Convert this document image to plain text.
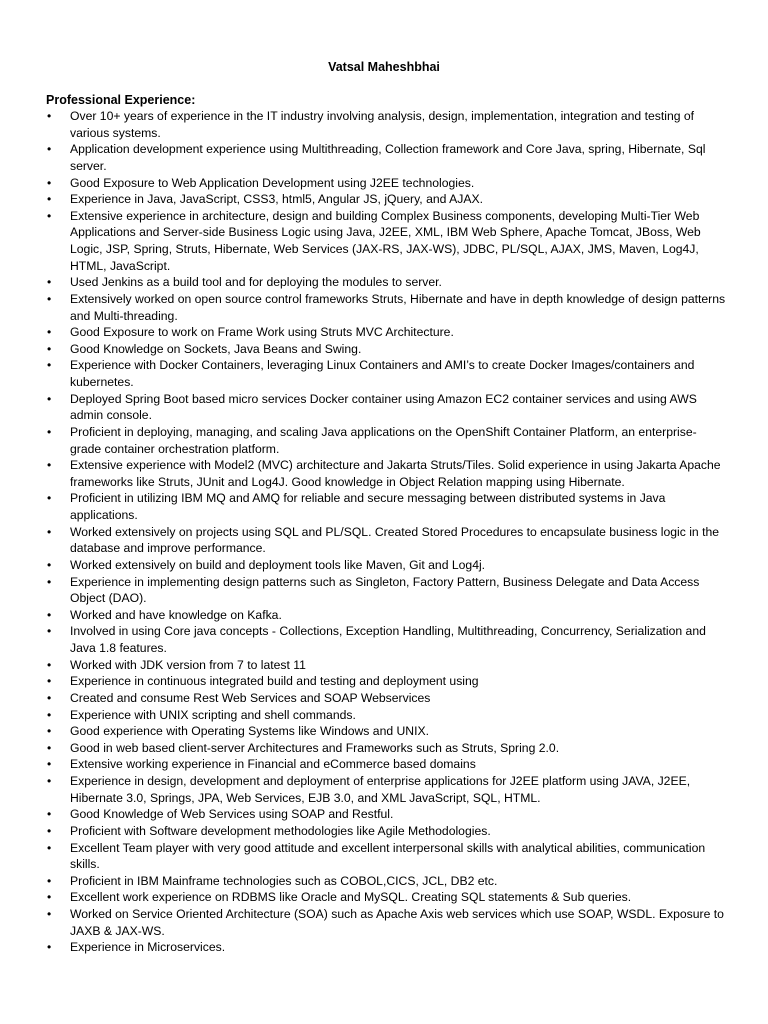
Vatsal Maheshbhai
Professional Experience:
• Over 10+ years of experience in the IT industry involving analysis, design, implementation, integration and testing of various systems.
• Application development experience using Multithreading, Collection framework and Core Java, spring, Hibernate, Sql server.
• Good Exposure to Web Application Development using J2EE technologies.
• Experience in Java, JavaScript, CSS3, html5, Angular JS, jQuery, and AJAX.
• Extensive experience in architecture, design and building Complex Business components, developing Multi-Tier Web Applications and Server-side Business Logic using Java, J2EE, XML, IBM Web Sphere, Apache Tomcat, JBoss, Web Logic, JSP, Spring, Struts, Hibernate, Web Services (JAX-RS, JAX-WS), JDBC, PL/SQL, AJAX, JMS, Maven, Log4J, HTML, JavaScript.
• Used Jenkins as a build tool and for deploying the modules to server.
• Extensively worked on open source control frameworks Struts, Hibernate and have in depth knowledge of design patterns and Multi-threading.
• Good Exposure to work on Frame Work using Struts MVC Architecture.
• Good Knowledge on Sockets, Java Beans and Swing.
• Experience with Docker Containers, leveraging Linux Containers and AMI’s to create Docker Images/containers and kubernetes.
• Deployed Spring Boot based micro services Docker container using Amazon EC2 container services and using AWS admin console.
• Proficient in deploying, managing, and scaling Java applications on the OpenShift Container Platform, an enterprise-grade container orchestration platform.
• Extensive experience with Model2 (MVC) architecture and Jakarta Struts/Tiles. Solid experience in using Jakarta Apache frameworks like Struts, JUnit and Log4J. Good knowledge in Object Relation mapping using Hibernate.
• Proficient in utilizing IBM MQ and AMQ for reliable and secure messaging between distributed systems in Java applications.
• Worked extensively on projects using SQL and PL/SQL. Created Stored Procedures to encapsulate business logic in the database and improve performance.
• Worked extensively on build and deployment tools like Maven, Git and Log4j.
• Experience in implementing design patterns such as Singleton, Factory Pattern, Business Delegate and Data Access Object (DAO).
• Worked and have knowledge on Kafka.
• Involved in using Core java concepts - Collections, Exception Handling, Multithreading, Concurrency, Serialization and Java 1.8 features.
• Worked with JDK version from 7 to latest 11
• Experience in continuous integrated build and testing and deployment using
• Created and consume Rest Web Services and SOAP Webservices
• Experience with UNIX scripting and shell commands.
• Good experience with Operating Systems like Windows and UNIX.
• Good in web based client-server Architectures and Frameworks such as Struts, Spring 2.0.
• Extensive working experience in Financial and eCommerce based domains
• Experience in design, development and deployment of enterprise applications for J2EE platform using JAVA, J2EE, Hibernate 3.0, Springs, JPA, Web Services, EJB 3.0, and XML JavaScript, SQL, HTML.
• Good Knowledge of Web Services using SOAP and Restful.
• Proficient with Software development methodologies like Agile Methodologies.
• Excellent Team player with very good attitude and excellent interpersonal skills with analytical abilities, communication skills.
• Proficient in IBM Mainframe technologies such as COBOL,CICS, JCL, DB2 etc.
• Excellent work experience on RDBMS like Oracle and MySQL. Creating SQL statements & Sub queries.
• Worked on Service Oriented Architecture (SOA) such as Apache Axis web services which use SOAP, WSDL. Exposure to JAXB & JAX-WS.
• Experience in Microservices.
